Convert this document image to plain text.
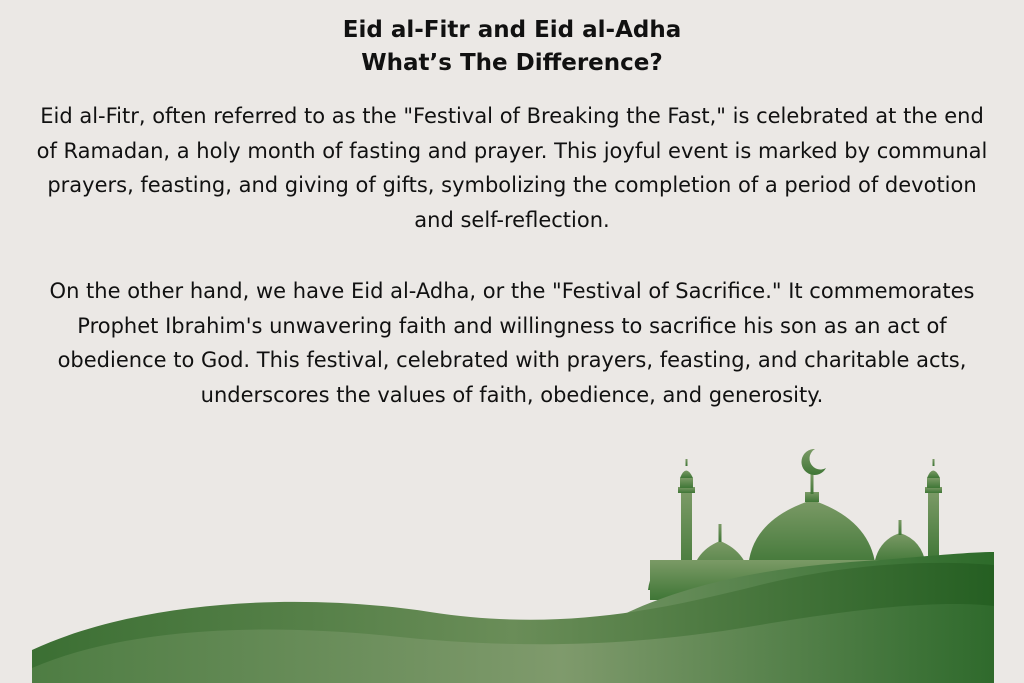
Eid al-Fitr and Eid al-Adha
What’s The Difference?

Eid al-Fitr, often referred to as the "Festival of Breaking the Fast," is celebrated at the end of Ramadan, a holy month of fasting and prayer. This joyful event is marked by communal prayers, feasting, and giving of gifts, symbolizing the completion of a period of devotion and self-reflection.

On the other hand, we have Eid al-Adha, or the "Festival of Sacrifice." It commemorates Prophet Ibrahim's unwavering faith and willingness to sacrifice his son as an act of obedience to God. This festival, celebrated with prayers, feasting, and charitable acts, underscores the values of faith, obedience, and generosity.
